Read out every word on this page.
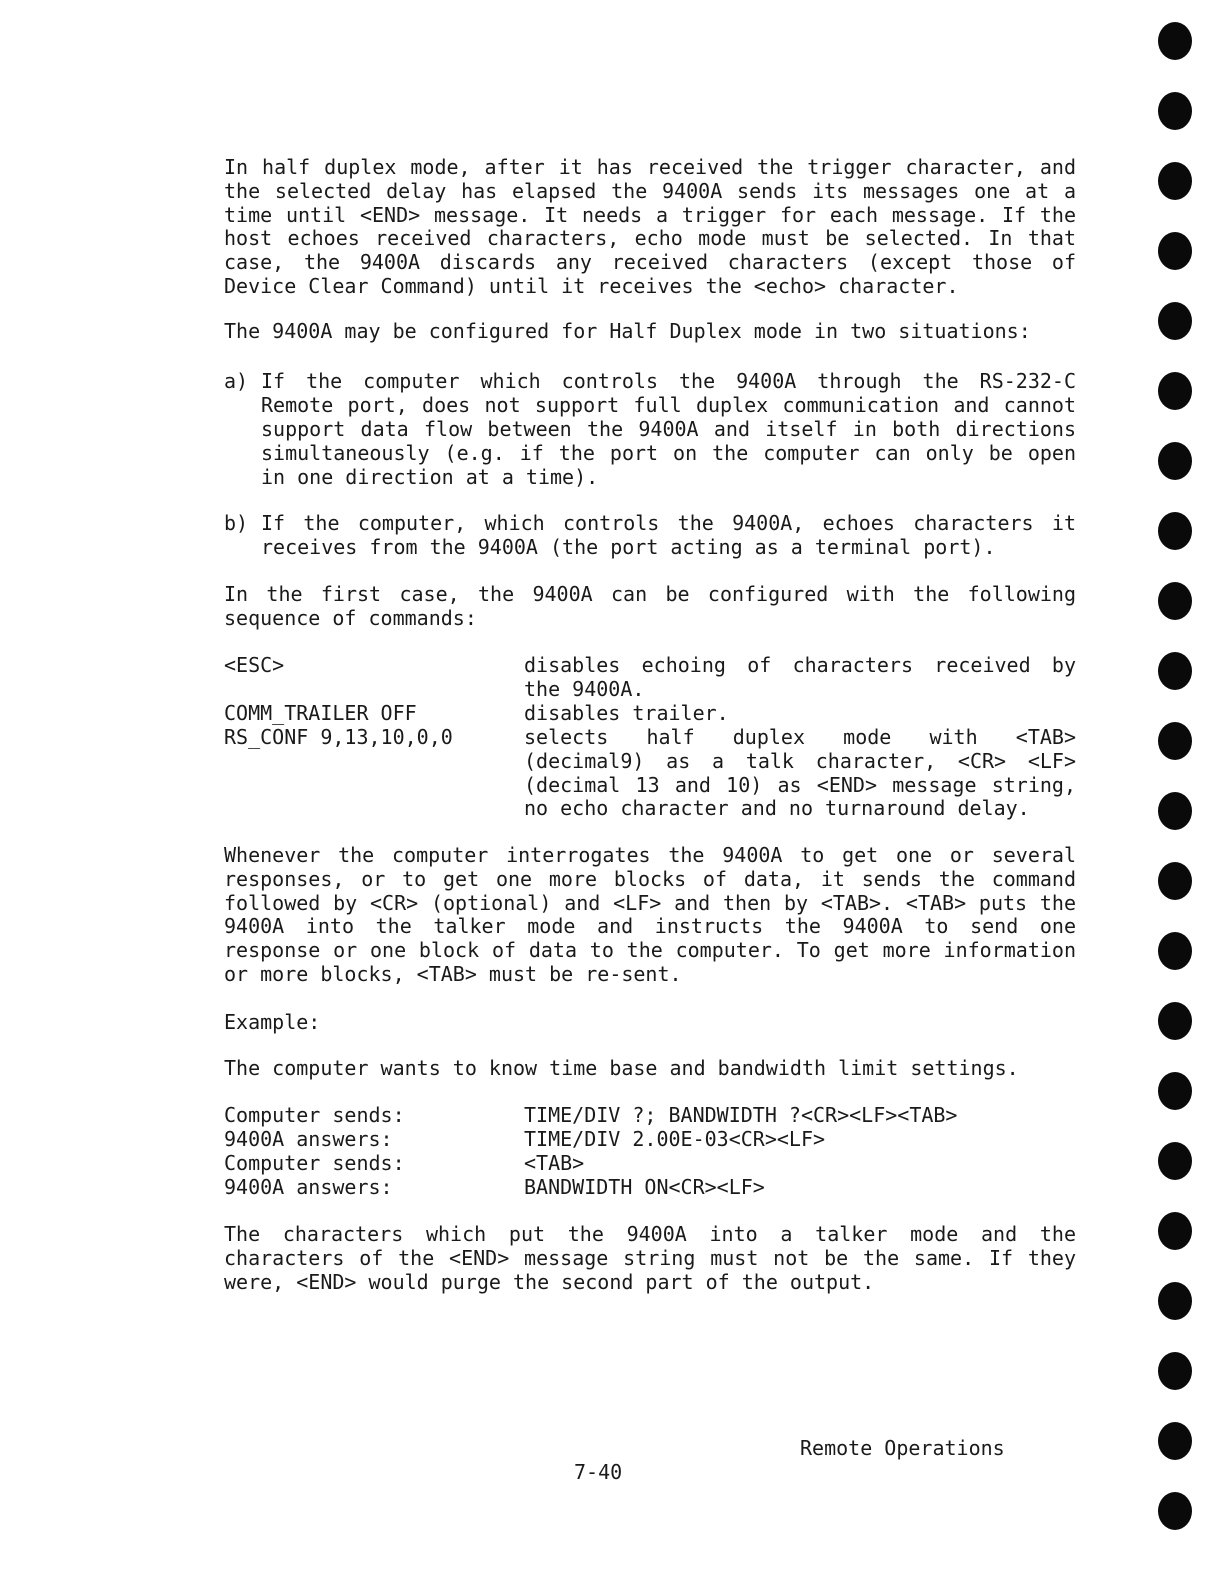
In half duplex mode, after it has received the trigger character, and the selected delay has elapsed the 9400A sends its messages one at a time until <END> message. It needs a trigger for each message. If the host echoes received characters, echo mode must be selected. In that case, the 9400A discards any received characters (except those of Device Clear Command) until it receives the <echo> character.
The 9400A may be configured for Half Duplex mode in two situations:
a) If the computer which controls the 9400A through the RS-232-C Remote port, does not support full duplex communication and cannot support data flow between the 9400A and itself in both directions simultaneously (e.g. if the port on the computer can only be open in one direction at a time).
b) If the computer, which controls the 9400A, echoes characters it receives from the 9400A (the port acting as a terminal port).
In the first case, the 9400A can be configured with the following sequence of commands:
<ESC>	disables echoing of characters received by the 9400A.
COMM_TRAILER OFF	disables trailer.
RS_CONF 9,13,10,0,0	selects half duplex mode with <TAB> (decimal9) as a talk character, <CR> <LF> (decimal 13 and 10) as <END> message string, no echo character and no turnaround delay.
Whenever the computer interrogates the 9400A to get one or several responses, or to get one more blocks of data, it sends the command followed by <CR> (optional) and <LF> and then by <TAB>. <TAB> puts the 9400A into the talker mode and instructs the 9400A to send one response or one block of data to the computer. To get more information or more blocks, <TAB> must be re-sent.
Example:
The computer wants to know time base and bandwidth limit settings.
Computer sends:	TIME/DIV ?; BANDWIDTH ?<CR><LF><TAB>
9400A answers:	TIME/DIV 2.00E-03<CR><LF>
Computer sends:	<TAB>
9400A answers:	BANDWIDTH ON<CR><LF>
The characters which put the 9400A into a talker mode and the characters of the <END> message string must not be the same. If they were, <END> would purge the second part of the output.
Remote Operations
7-40
